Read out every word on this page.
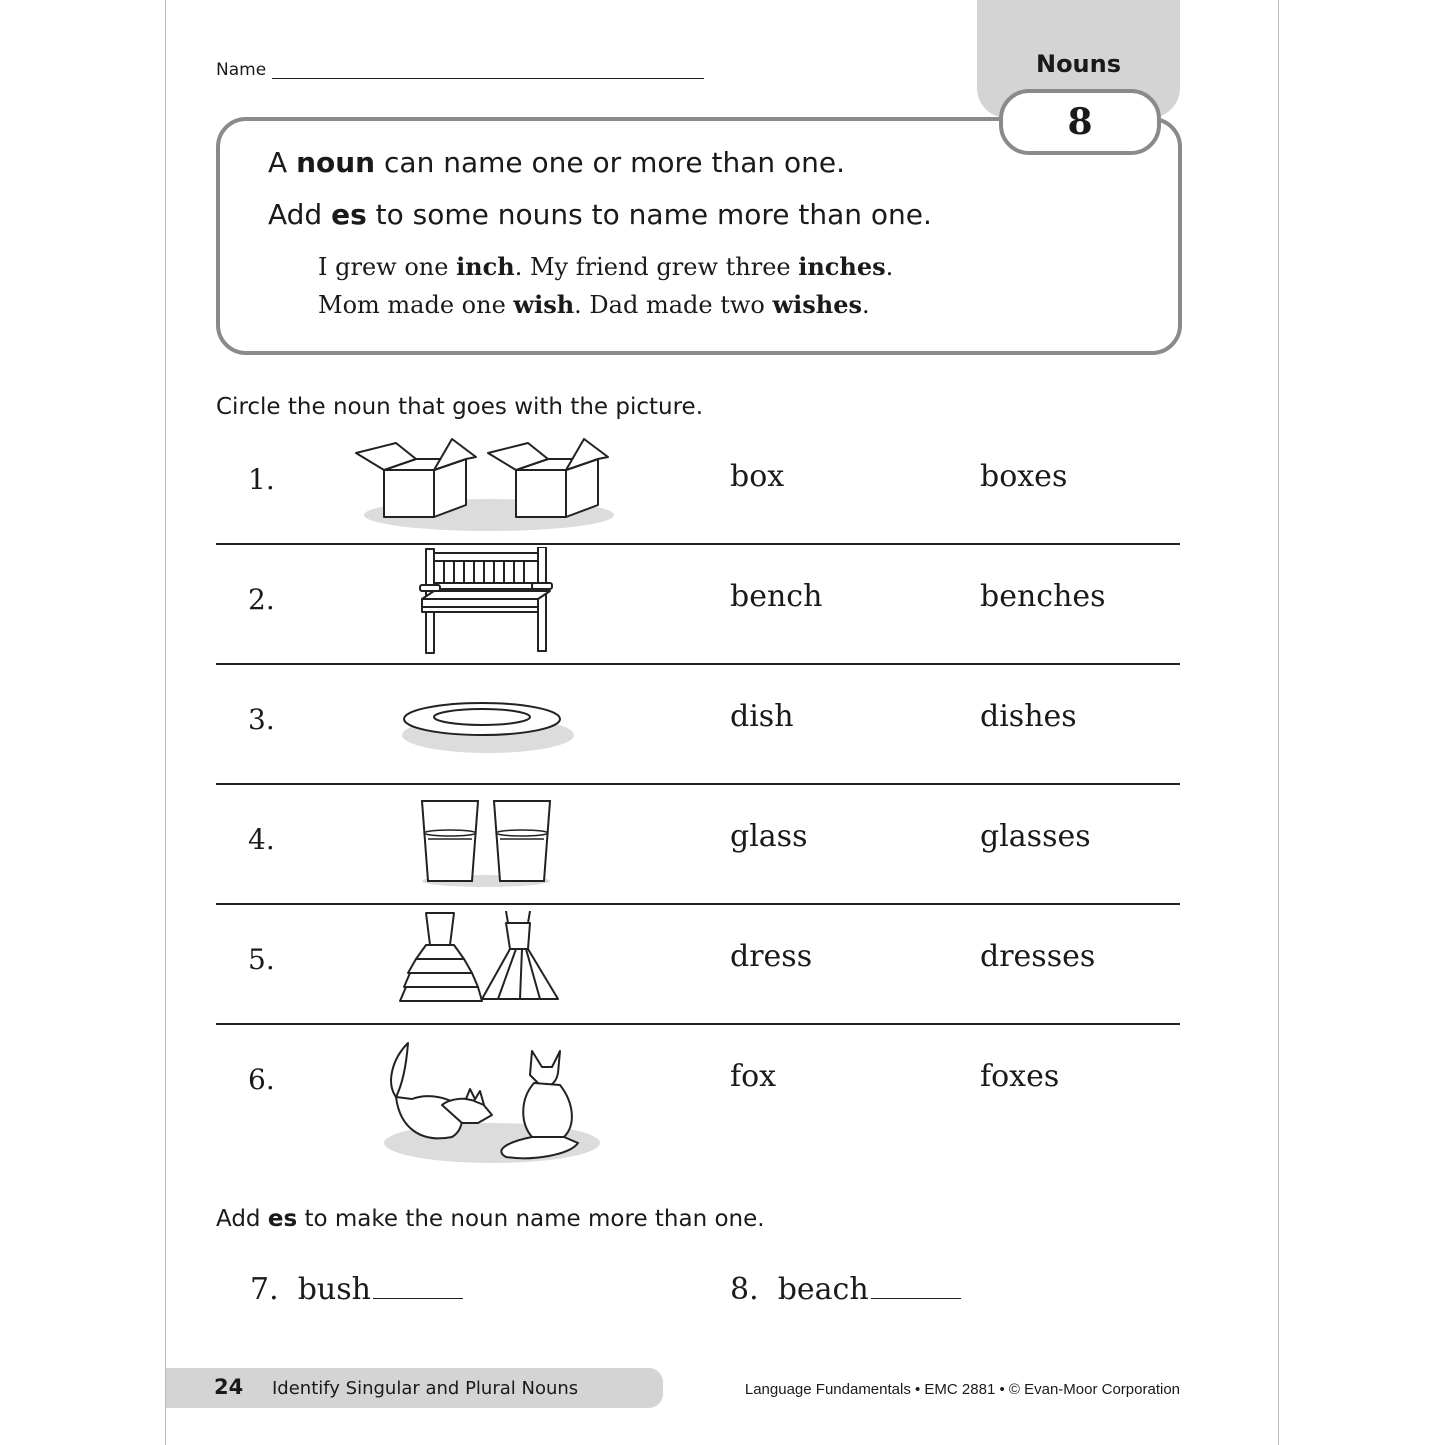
Name	Nouns
8
A noun can name one or more than one.
Add es to some nouns to name more than one.
I grew one inch. My friend grew three inches.
Mom made one wish. Dad made two wishes.
Circle the noun that goes with the picture.
1.	box	boxes
2.	bench	benches
3.	dish	dishes
4.	glass	glasses
5.	dress	dresses
6.	fox	foxes
Add es to make the noun name more than one.
7. bush	8. beach
24 Identify Singular and Plural Nouns	Language Fundamentals • EMC 2881 • © Evan-Moor Corporation
